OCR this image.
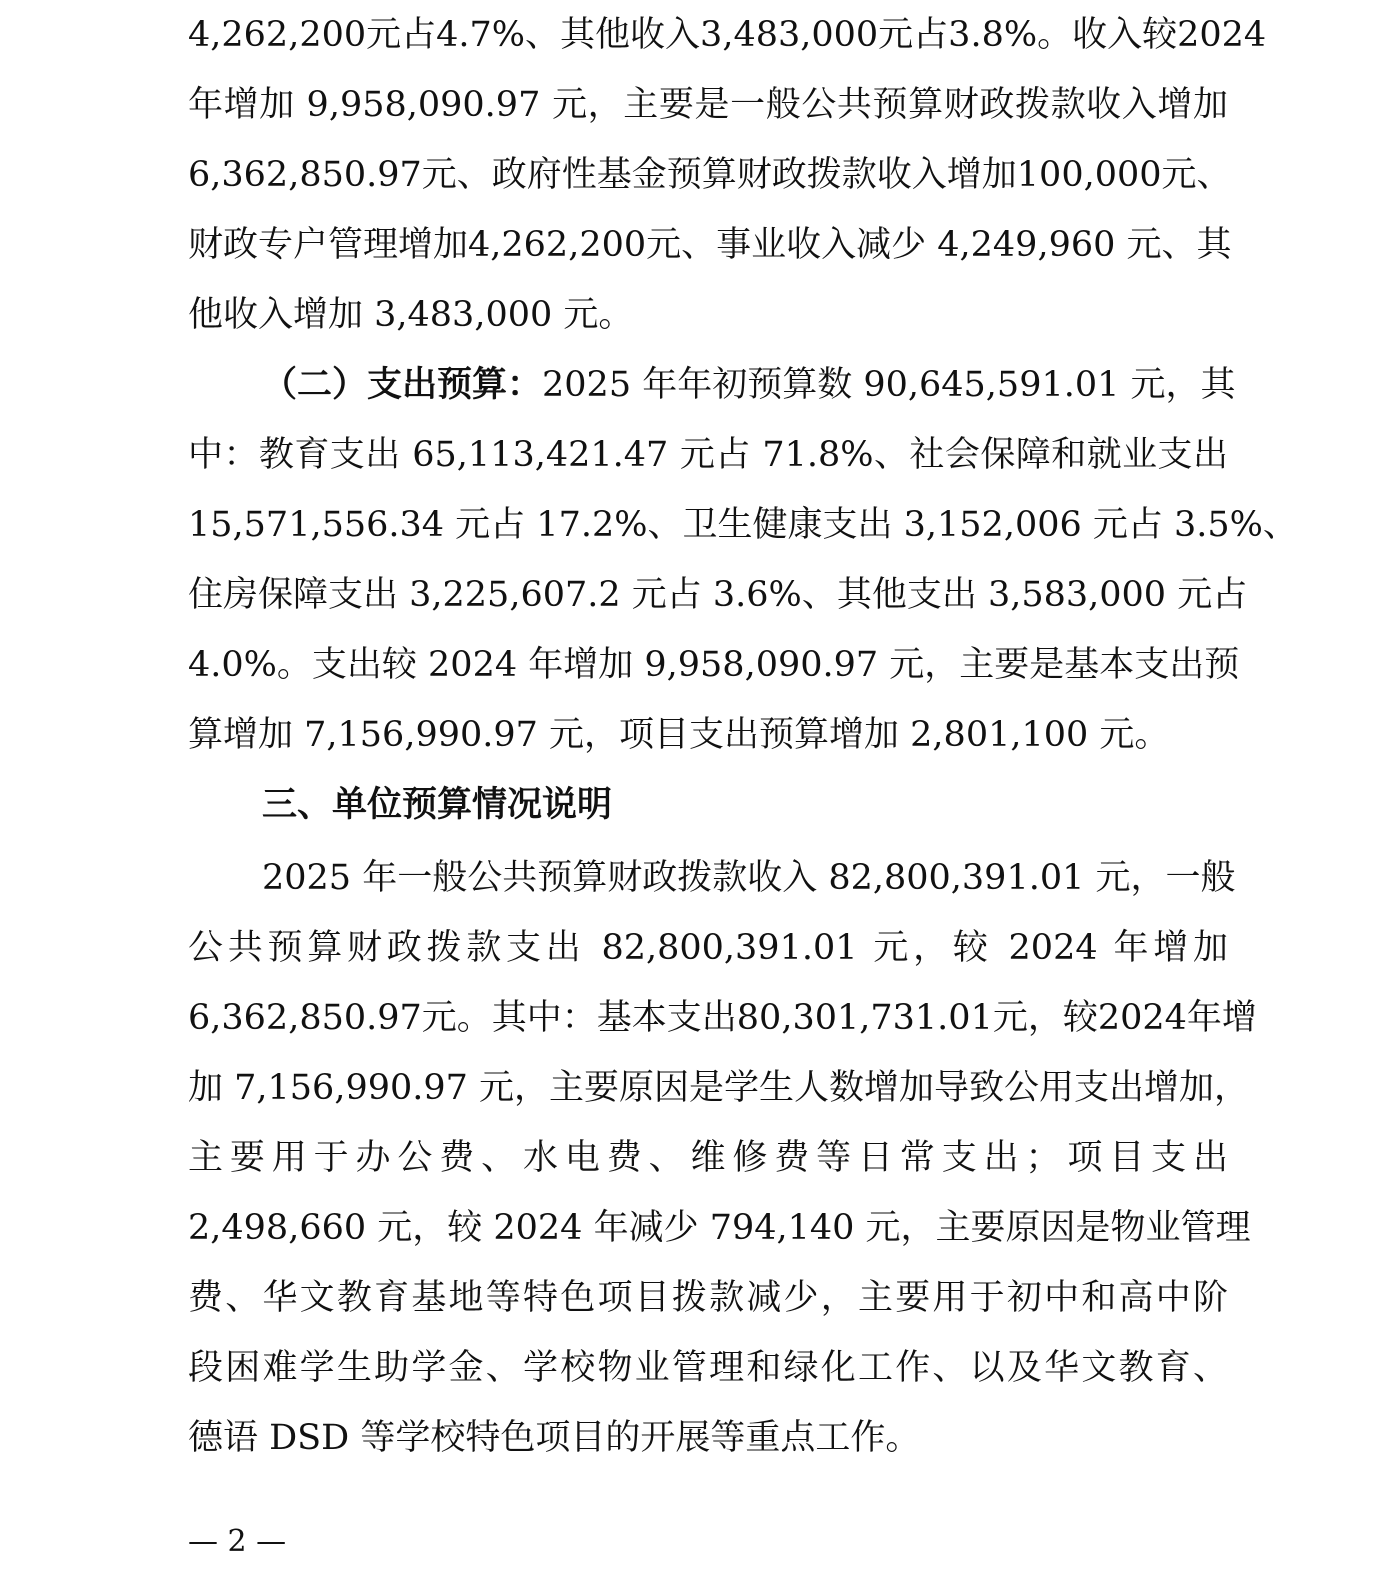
4,262,200元占4.7%、其他收入3,483,000元占3.8%。收入较2024
年增加 9,958,090.97 元，主要是一般公共预算财政拨款收入增加
6,362,850.97元、政府性基金预算财政拨款收入增加100,000元、
财政专户管理增加4,262,200元、事业收入减少 4,249,960 元、其
他收入增加 3,483,000 元。
（二）支出预算：2025 年年初预算数 90,645,591.01 元，其
中：教育支出 65,113,421.47 元占 71.8%、社会保障和就业支出
15,571,556.34 元占 17.2%、卫生健康支出 3,152,006 元占 3.5%、
住房保障支出 3,225,607.2 元占 3.6%、其他支出 3,583,000 元占
4.0%。支出较 2024 年增加 9,958,090.97 元，主要是基本支出预
算增加 7,156,990.97 元，项目支出预算增加 2,801,100 元。
三、单位预算情况说明
2025 年一般公共预算财政拨款收入 82,800,391.01 元，一般
公共预算财政拨款支出 82,800,391.01 元，较 2024 年增加
6,362,850.97元。其中：基本支出80,301,731.01元，较2024年增
加 7,156,990.97 元，主要原因是学生人数增加导致公用支出增加，
主要用于办公费、水电费、维修费等日常支出；项目支出
2,498,660 元，较 2024 年减少 794,140 元，主要原因是物业管理
费、华文教育基地等特色项目拨款减少，主要用于初中和高中阶
段困难学生助学金、学校物业管理和绿化工作、以及华文教育、
德语 DSD 等学校特色项目的开展等重点工作。
— 2 —
